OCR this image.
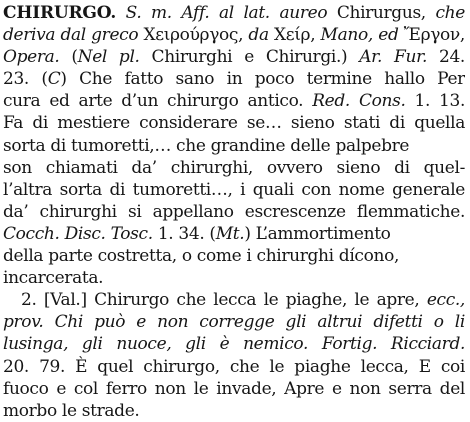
CHIRURGO. S. m. Aff. al lat. aureo Chirurgus, che
deriva dal greco Χειρούργος, da Χείρ, Mano, ed Ἔργον,
Opera. (Nel pl. Chirurghi e Chirurgi.) Ar. Fur. 24.
23. (C) Che fatto sano in poco termine hallo Per
cura ed arte d’un chirurgo antico. Red. Cons. 1. 13.
Fa di mestiere considerare se… sieno stati di quella
sorta di tumoretti,… che grandine delle palpebre
son chiamati da’ chirurghi, ovvero sieno di quel-
l’altra sorta di tumoretti…, i quali con nome generale
da’ chirurghi si appellano escrescenze flemmatiche.
Cocch. Disc. Tosc. 1. 34. (Mt.) L’ammortimento
della parte costretta, o come i chirurghi dícono,
incarcerata.
2. [Val.] Chirurgo che lecca le piaghe, le apre, ecc.,
prov. Chi può e non corregge gli altrui difetti o li
lusinga, gli nuoce, gli è nemico. Fortig. Ricciard.
20. 79. È quel chirurgo, che le piaghe lecca, E coi
fuoco e col ferro non le invade, Apre e non serra del
morbo le strade.
